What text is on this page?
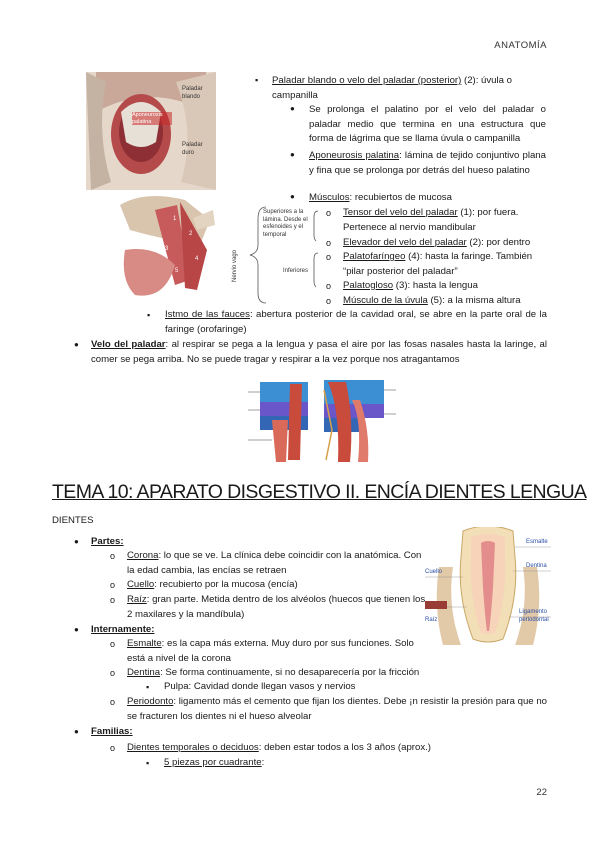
ANATOMÍA
Aponeurosis palatina
Paladar blando
Paladar duro
1
2
3
4
5
▪ Paladar blando o velo del paladar (posterior) (2): úvula o
campanilla
● Se prolonga el palatino por el velo del paladar o paladar medio que termina en una estructura que forma de lágrima que se llama úvula o campanilla
● Aponeurosis palatina: lámina de tejido conjuntivo plana y fina que se prolonga por detrás del hueso palatino
● Músculos: recubiertos de mucosa
Superiores a la lámina. Desde el esfenoides y el temporal
Inferiores
Nervio vago
o Tensor del velo del paladar (1): por fuera.
Pertenece al nervio mandibular
o Elevador del velo del paladar (2): por dentro
o Palatofaríngeo (4): hasta la faringe. También
“pilar posterior del paladar”
o Palatogloso (3): hasta la lengua
o Músculo de la úvula (5): a la misma altura
▪ Istmo de las fauces: abertura posterior de la cavidad oral, se abre en la parte oral de la faringe (orofaringe)
● Velo del paladar: al respirar se pega a la lengua y pasa el aire por las fosas nasales hasta la laringe, al comer se pega arriba. No se puede tragar y respirar a la vez porque nos atragantamos
TEMA 10: APARATO DISGESTIVO II. ENCÍA DIENTES LENGUA
DIENTES
Esmalte
Dentina
Cuello
Raíz
Ligamento periodontal
● Partes:
o Corona: lo que se ve. La clínica debe coincidir con la anatómica. Con la edad cambia, las encías se retraen
o Cuello: recubierto por la mucosa (encía)
o Raíz: gran parte. Metida dentro de los alvéolos (huecos que tienen los 2 maxilares y la mandíbula)
● Internamente:
o Esmalte: es la capa más externa. Muy duro por sus funciones. Solo está a nivel de la corona
o Dentina: Se forma continuamente, si no desaparecería por la fricción
▪ Pulpa: Cavidad donde llegan vasos y nervios
o Periodonto: ligamento más el cemento que fijan los dientes. Debe ¡n resistir la presión para que no se fracturen los dientes ni el hueso alveolar
● Familias:
o Dientes temporales o deciduos: deben estar todos a los 3 años (aprox.)
▪ 5 piezas por cuadrante:
22
